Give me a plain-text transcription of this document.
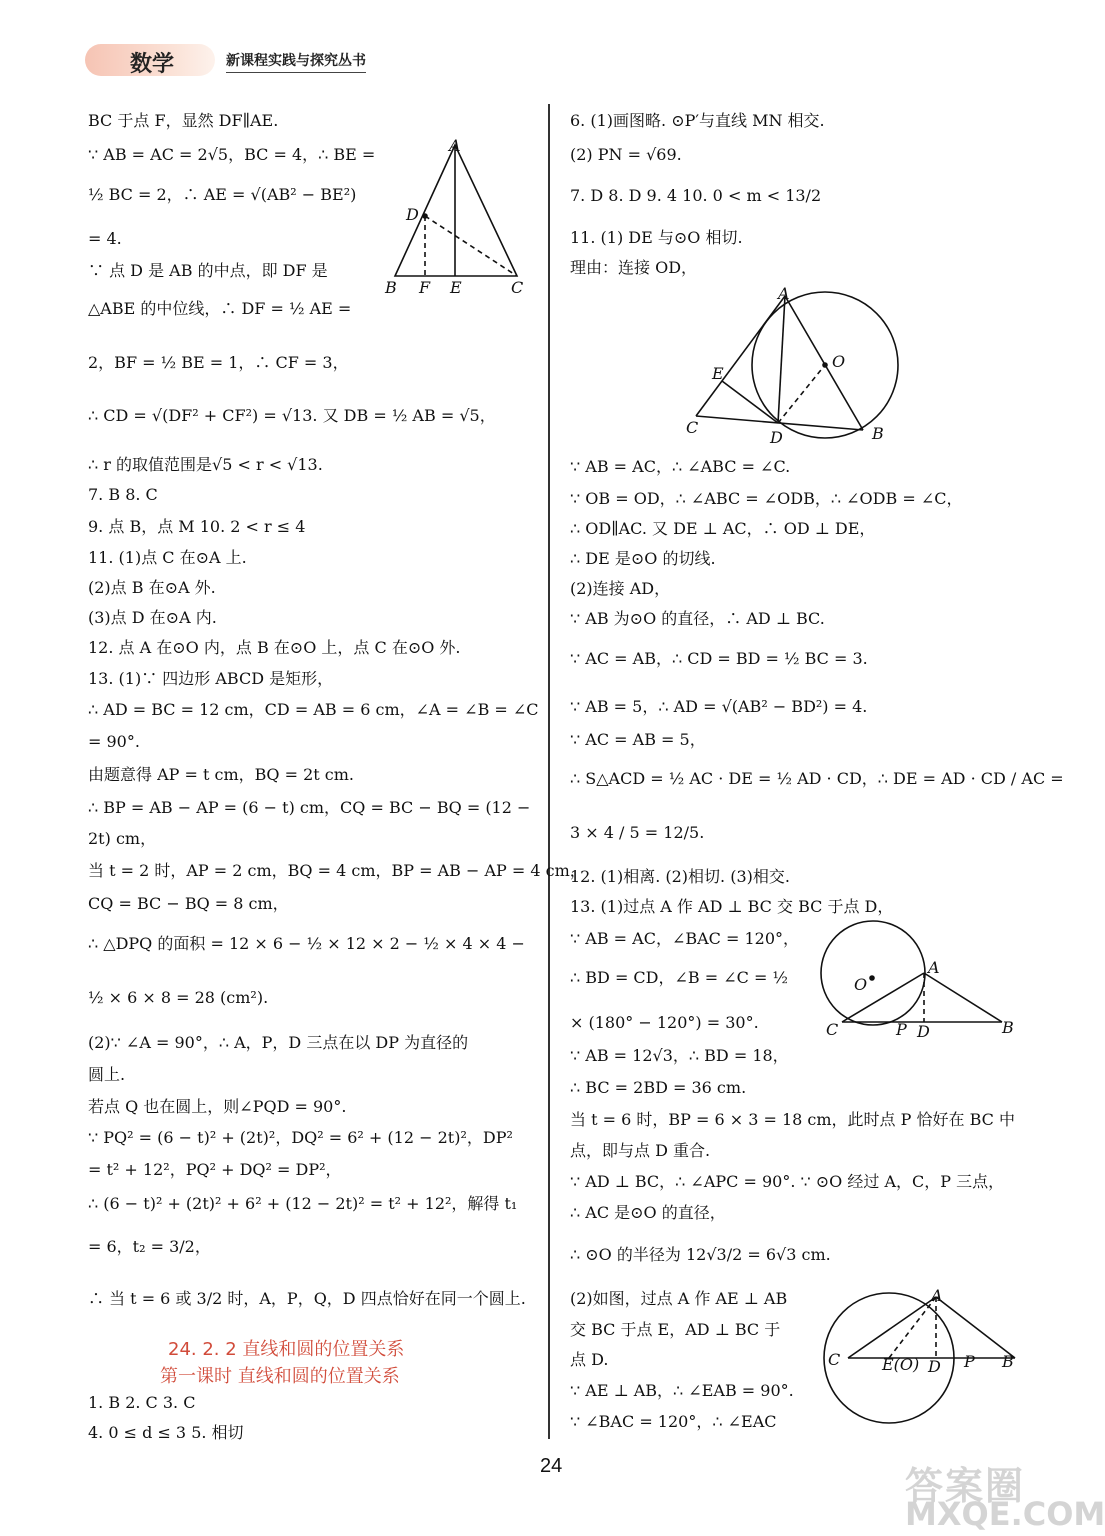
数学	新课程实践与探究丛书
BC 于点 F，显然 DF∥AE.
∵ AB = AC = 2√5，BC = 4，∴ BE =
½ BC = 2，∴ AE = √(AB² − BE²)
= 4.
∵ 点 D 是 AB 的中点，即 DF 是
△ABE 的中位线，∴ DF = ½ AE =
2，BF = ½ BE = 1，∴ CF = 3，
∴ CD = √(DF² + CF²) = √13. 又 DB = ½ AB = √5，
∴ r 的取值范围是√5 < r < √13.
7. B 8. C
9. 点 B，点 M 10. 2 < r ≤ 4
11. (1)点 C 在⊙A 上.
(2)点 B 在⊙A 外.
(3)点 D 在⊙A 内.
12. 点 A 在⊙O 内，点 B 在⊙O 上，点 C 在⊙O 外.
13. (1)∵ 四边形 ABCD 是矩形，
∴ AD = BC = 12 cm，CD = AB = 6 cm，∠A = ∠B = ∠C
= 90°.
由题意得 AP = t cm，BQ = 2t cm.
∴ BP = AB − AP = (6 − t) cm，CQ = BC − BQ = (12 −
2t) cm，
当 t = 2 时，AP = 2 cm，BQ = 4 cm，BP = AB − AP = 4 cm，
CQ = BC − BQ = 8 cm，
∴ △DPQ 的面积 = 12 × 6 − ½ × 12 × 2 − ½ × 4 × 4 −
½ × 6 × 8 = 28 (cm²).
(2)∵ ∠A = 90°，∴ A，P，D 三点在以 DP 为直径的
圆上.
若点 Q 也在圆上，则∠PQD = 90°.
∵ PQ² = (6 − t)² + (2t)²，DQ² = 6² + (12 − 2t)²，DP²
= t² + 12²，PQ² + DQ² = DP²，
∴ (6 − t)² + (2t)² + 6² + (12 − 2t)² = t² + 12²，解得 t₁
= 6，t₂ = 3/2，
∴ 当 t = 6 或 3/2 时，A，P，Q，D 四点恰好在同一个圆上.
24. 2. 2 直线和圆的位置关系
第一课时 直线和圆的位置关系
1. B 2. C 3. C
4. 0 ≤ d ≤ 3 5. 相切
A
D
B F E	C
6. (1)画图略. ⊙P′与直线 MN 相交.
(2) PN = √69.
7. D 8. D 9. 4 10. 0 < m < 13/2
11. (1) DE 与⊙O 相切.
理由：连接 OD，
∵ AB = AC，∴ ∠ABC = ∠C.
∵ OB = OD，∴ ∠ABC = ∠ODB，∴ ∠ODB = ∠C，
∴ OD∥AC. 又 DE ⊥ AC，∴ OD ⊥ DE，
∴ DE 是⊙O 的切线.
(2)连接 AD，
∵ AB 为⊙O 的直径，∴ AD ⊥ BC.
∵ AC = AB，∴ CD = BD = ½ BC = 3.
∵ AB = 5，∴ AD = √(AB² − BD²) = 4.
∵ AC = AB = 5，
∴ S△ACD = ½ AC · DE = ½ AD · CD，∴ DE = AD · CD / AC =
3 × 4 / 5 = 12/5.
12. (1)相离. (2)相切. (3)相交.
13. (1)过点 A 作 AD ⊥ BC 交 BC 于点 D，
∵ AB = AC，∠BAC = 120°，
∴ BD = CD，∠B = ∠C = ½
× (180° − 120°) = 30°.
∵ AB = 12√3，∴ BD = 18，
∴ BC = 2BD = 36 cm.
当 t = 6 时，BP = 6 × 3 = 18 cm，此时点 P 恰好在 BC 中
点，即与点 D 重合.
∵ AD ⊥ BC，∴ ∠APC = 90°. ∵ ⊙O 经过 A，C，P 三点，
∴ AC 是⊙O 的直径，
∴ ⊙O 的半径为 12√3/2 = 6√3 cm.
(2)如图，过点 A 作 AE ⊥ AB
交 BC 于点 E，AD ⊥ BC 于
点 D.
∵ AE ⊥ AB，∴ ∠EAB = 90°.
∵ ∠BAC = 120°，∴ ∠EAC
A
O
E
C
D	B
A
O
C	P D	B
A
C	E(O) D P B
24	答案圈
MXQE.COM
